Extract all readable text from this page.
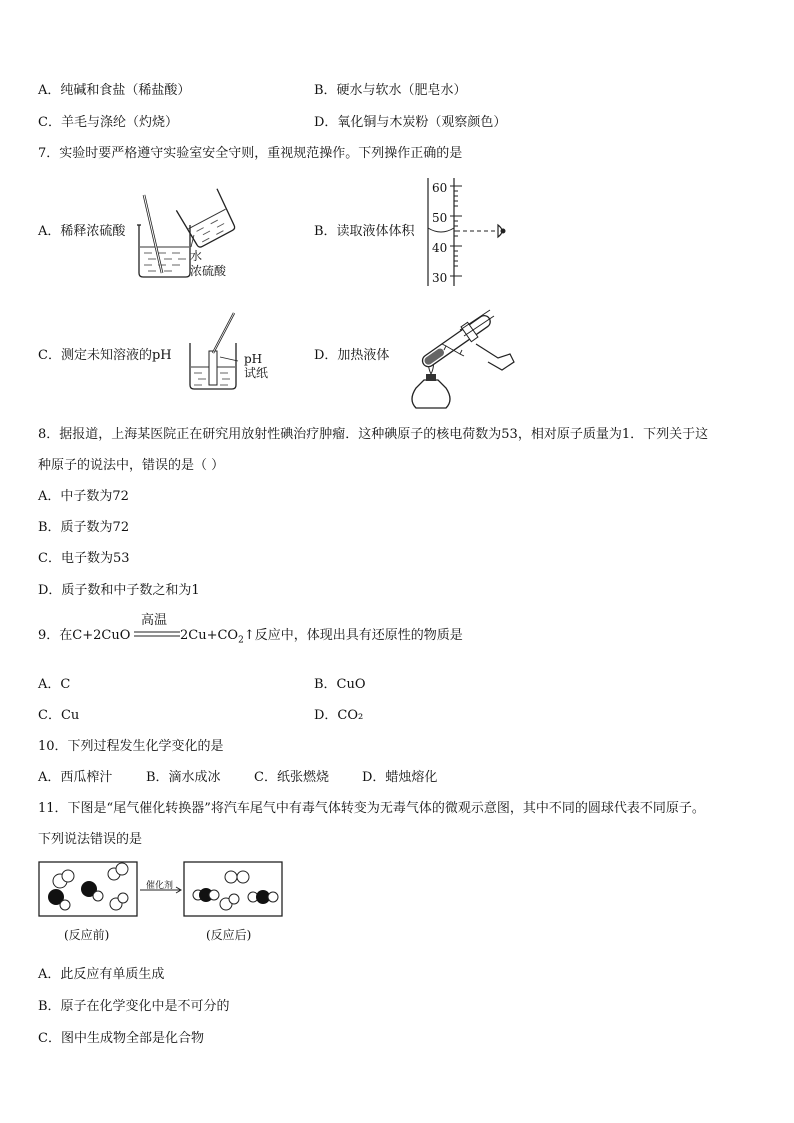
A．纯碱和食盐（稀盐酸）	B．硬水与软水（肥皂水）
C．羊毛与涤纶（灼烧）	D．氧化铜与木炭粉（观察颜色）
7．实验时要严格遵守实验室安全守则，重视规范操作。下列操作正确的是
A．稀释浓硫酸	B．读取液体体积
C．测定未知溶液的pH	D．加热液体
水
浓硫酸
60
50
40
30
pH
试纸
8．据报道，上海某医院正在研究用放射性碘治疗肿瘤．这种碘原子的核电荷数为53，相对原子质量为1．下列关于这
种原子的说法中，错误的是（ ）
A．中子数为72
B．质子数为72
C．电子数为53
D．质子数和中子数之和为1
9．在C+2CuO
高温
$2Cu+CO_2↑$反应中，体现出具有还原性的物质是
A．C	B．CuO
C．Cu	D．CO₂
10．下列过程发生化学变化的是
A．西瓜榨汁	B．滴水成冰	C．纸张燃烧	D．蜡烛熔化
11．下图是“尾气催化转换器”将汽车尾气中有毒气体转变为无毒气体的微观示意图，其中不同的圆球代表不同原子。
下列说法错误的是
催化剂
(反应前)	(反应后)
A．此反应有单质生成
B．原子在化学变化中是不可分的
C．图中生成物全部是化合物
